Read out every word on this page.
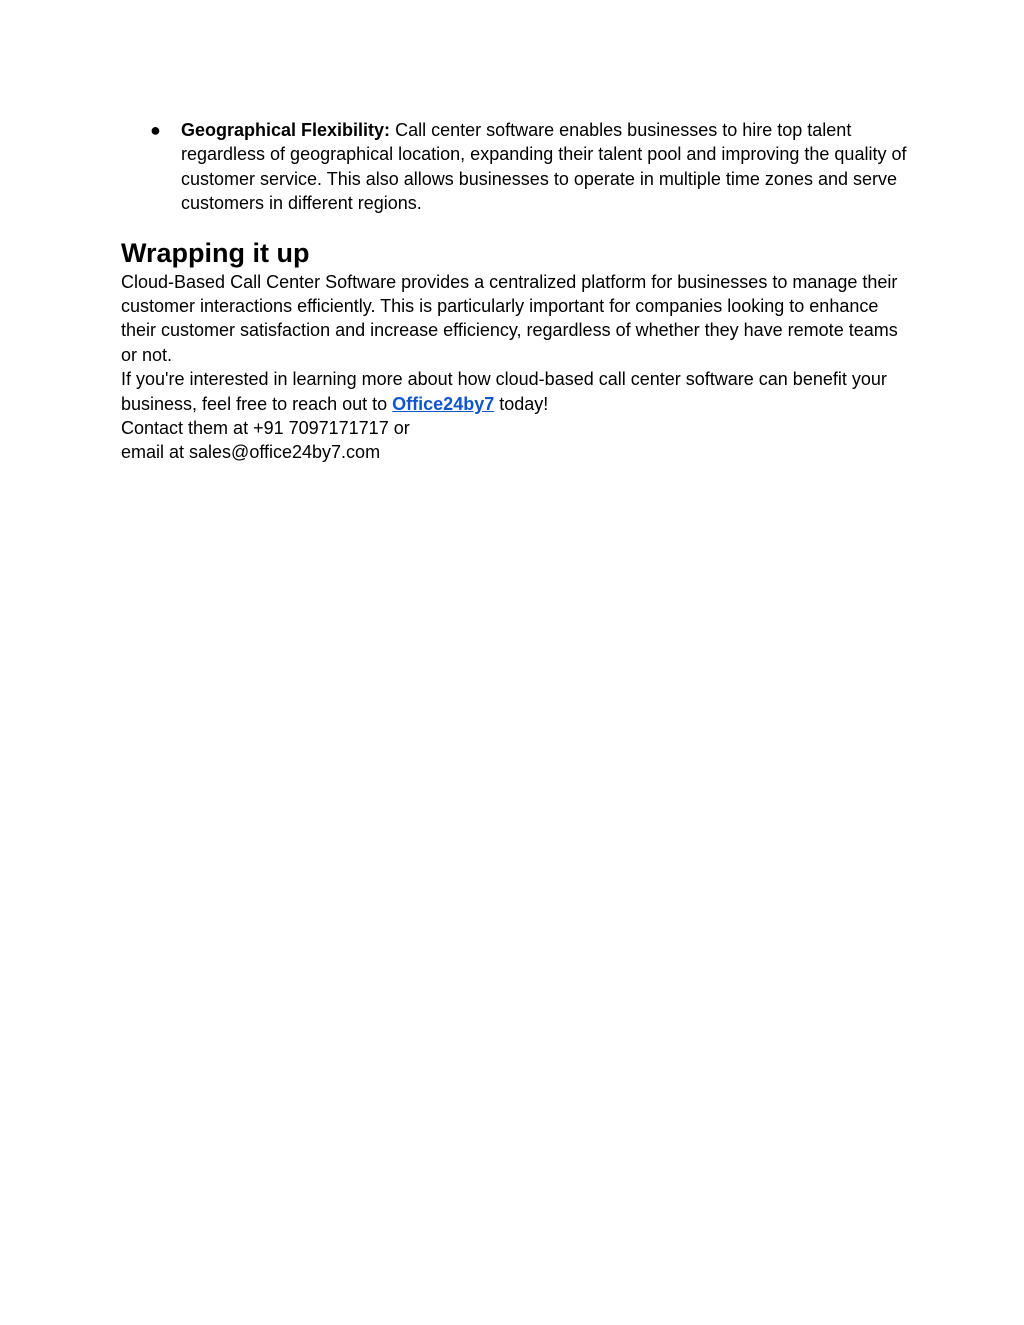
● Geographical Flexibility: Call center software enables businesses to hire top talent regardless of geographical location, expanding their talent pool and improving the quality of customer service. This also allows businesses to operate in multiple time zones and serve customers in different regions.
Wrapping it up

Cloud-Based Call Center Software provides a centralized platform for businesses to manage their customer interactions efficiently. This is particularly important for companies looking to enhance their customer satisfaction and increase efficiency, regardless of whether they have remote teams or not.

If you're interested in learning more about how cloud-based call center software can benefit your business, feel free to reach out to Office24by7 today!

Contact them at +91 7097171717 or

email at sales@office24by7.com
